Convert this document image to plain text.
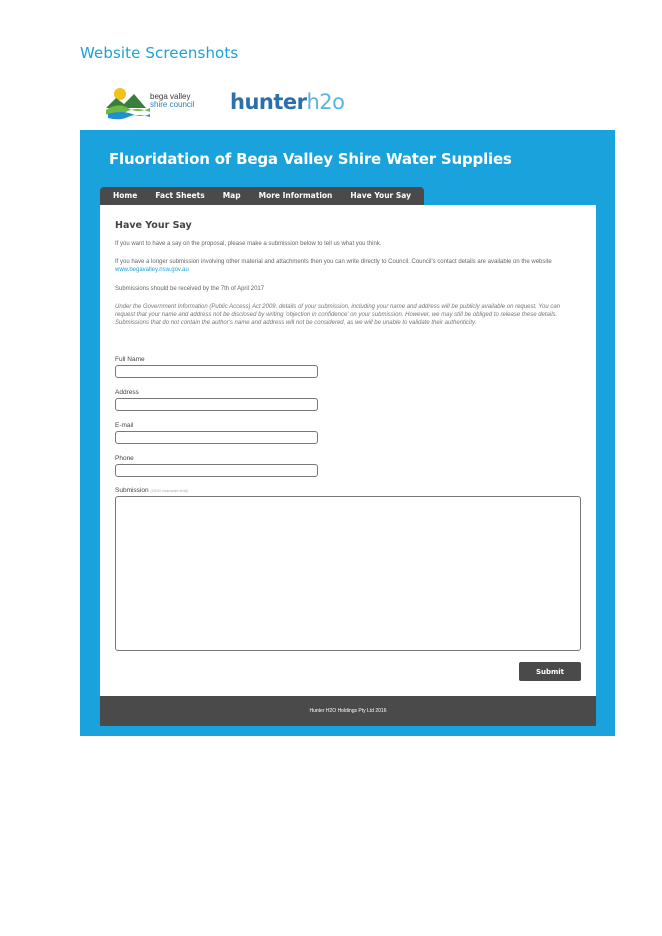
Website Screenshots
bega valley
shire council hunterh2o
Fluoridation of Bega Valley Shire Water Supplies
Home	Fact Sheets	Map	More Information	Have Your Say
Have Your Say
If you want to have a say on the proposal, please make a submission below to tell us what you think.
If you have a longer submission involving other material and attachments then you can write directly to Council. Council's contact details are available on the website www.begavalley.nsw.gov.au
Submissions should be received by the 7th of April 2017
Under the Government Information (Public Access) Act 2009, details of your submission, including your name and address will be publicly available on request. You can request that your name and address not be disclosed by writing 'objection in confidence' on your submission. However, we may still be obliged to release these details. Submissions that do not contain the author's name and address will not be considered, as we will be unable to validate their authenticity.
Full Name
Address
E-mail
Phone
Submission (2000 character limit)
Submit
Hunter H2O Holdings Pty Ltd 2016
